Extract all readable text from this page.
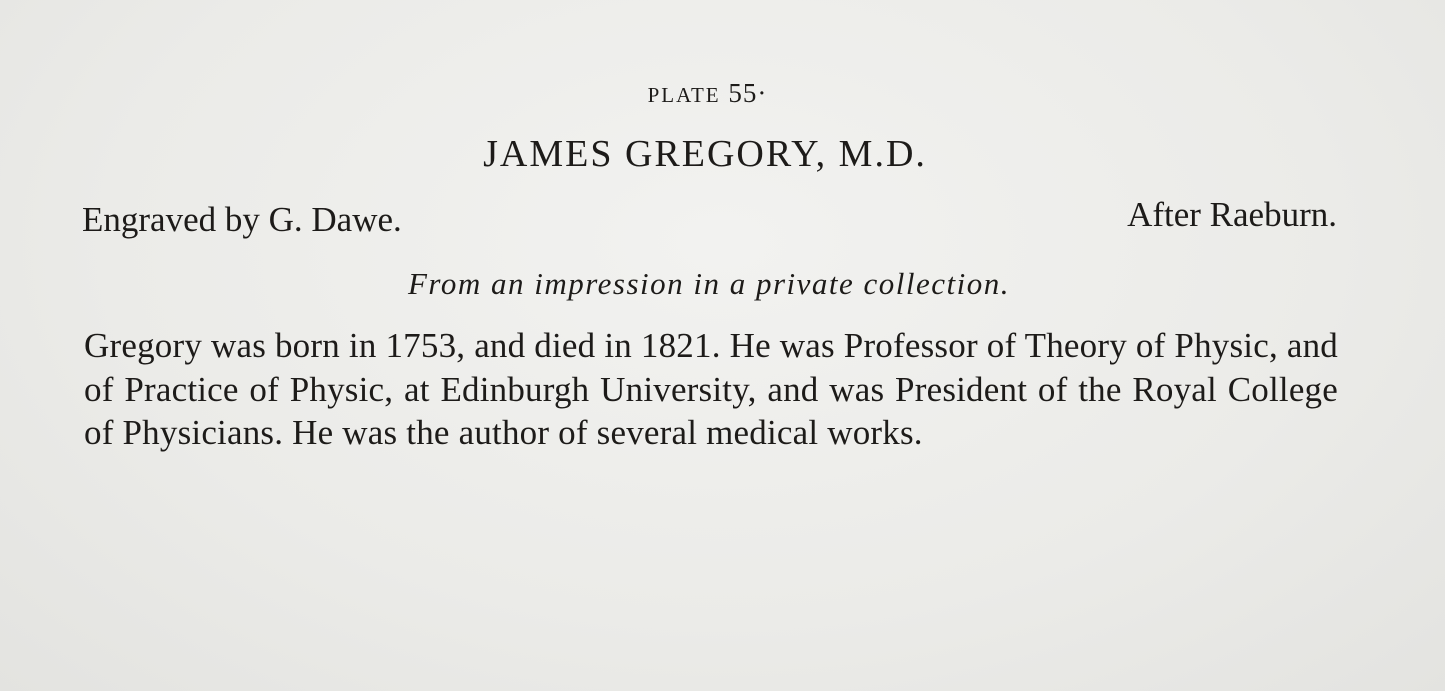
PLATE 55·
JAMES GREGORY, M.D.
Engraved by G. Dawe.	After Raeburn.
From an impression in a private collection.
Gregory was born in 1753, and died in 1821. He was Professor of Theory of Physic, and of Practice of Physic, at Edinburgh University, and was President of the Royal College of Physicians. He was the author of several medical works.
